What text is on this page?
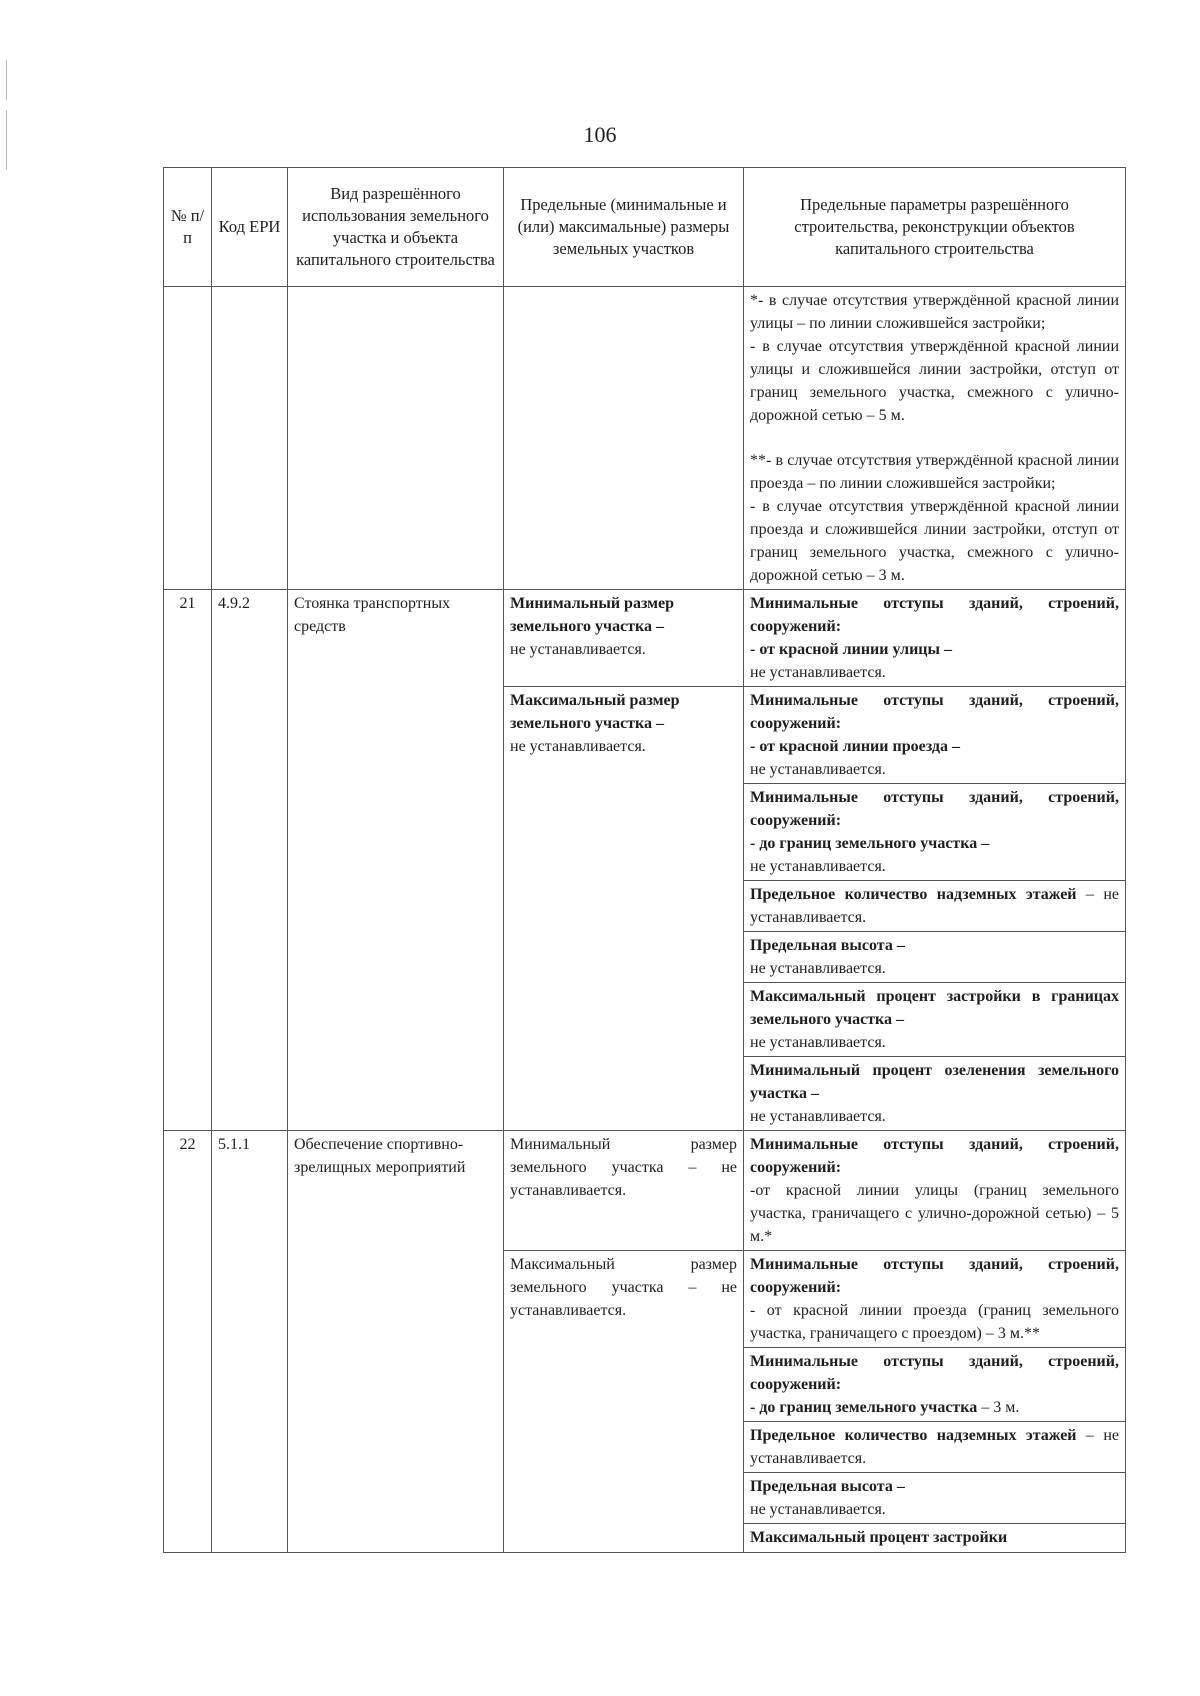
106
№ п/п	Код ЕРИ	Вид разрешённого использования земельного участка и объекта капитального строительства	Предельные (минимальные и (или) максимальные) размеры земельных участков	Предельные параметры разрешённого строительства, реконструкции объектов капитального строительства

				*- в случае отсутствия утверждённой красной линии улицы – по линии сложившейся застройки;
- в случае отсутствия утверждённой красной линии улицы и сложившейся линии застройки, отступ от границ земельного участка, смежного с улично-дорожной сетью – 5 м.
**- в случае отсутствия утверждённой красной линии проезда – по линии сложившейся застройки;
- в случае отсутствия утверждённой красной линии проезда и сложившейся линии застройки, отступ от границ земельного участка, смежного с улично-дорожной сетью – 3 м.

21	4.9.2	Стоянка транспортных средств	Минимальный размер земельного участка –
не устанавливается.	Минимальные отступы зданий, строений, сооружений:
- от красной линии улицы –
не устанавливается.
			Максимальный размер земельного участка –
не устанавливается.	Минимальные отступы зданий, строений, сооружений:
- от красной линии проезда –
не устанавливается.
				Минимальные отступы зданий, строений, сооружений:
- до границ земельного участка –
не устанавливается.
				Предельное количество надземных этажей – не устанавливается.
				Предельная высота –
не устанавливается.
				Максимальный процент застройки в границах земельного участка –
не устанавливается.
				Минимальный процент озеленения земельного участка –
не устанавливается.
22	5.1.1	Обеспечение спортивно-зрелищных мероприятий	Минимальный размер земельного участка – не устанавливается.	Минимальные отступы зданий, строений, сооружений:
-от красной линии улицы (границ земельного участка, граничащего с улично-дорожной сетью) – 5 м.*
			Максимальный размер земельного участка – не устанавливается.	Минимальные отступы зданий, строений, сооружений:
- от красной линии проезда (границ земельного участка, граничащего с проездом) – 3 м.**
				Минимальные отступы зданий, строений, сооружений:
- до границ земельного участка – 3 м.
				Предельное количество надземных этажей – не устанавливается.
				Предельная высота –
не устанавливается.

				Максимальный процент застройки
